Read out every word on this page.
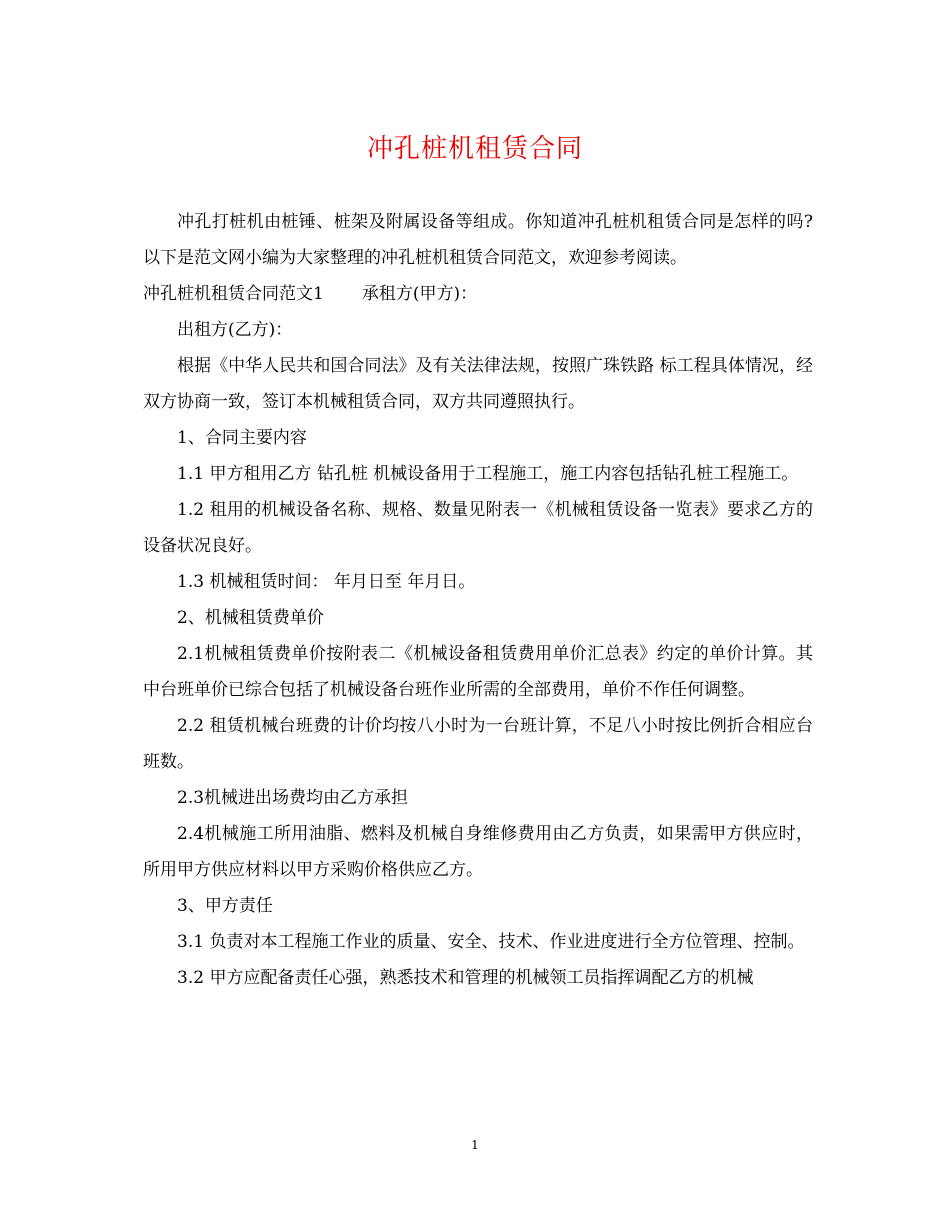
冲孔桩机租赁合同

冲孔打桩机由桩锤、桩架及附属设备等组成。你知道冲孔桩机租赁合同是怎样的吗?以下是范文网小编为大家整理的冲孔桩机租赁合同范文，欢迎参考阅读。

冲孔桩机租赁合同范文1 承租方(甲方)：

出租方(乙方)：

根据《中华人民共和国合同法》及有关法律法规，按照广珠铁路 标工程具体情况，经双方协商一致，签订本机械租赁合同，双方共同遵照执行。

1、合同主要内容

1.1 甲方租用乙方 钻孔桩 机械设备用于工程施工，施工内容包括钻孔桩工程施工。

1.2 租用的机械设备名称、规格、数量见附表一《机械租赁设备一览表》要求乙方的设备状况良好。

1.3 机械租赁时间： 年月日至 年月日。

2、机械租赁费单价

2.1机械租赁费单价按附表二《机械设备租赁费用单价汇总表》约定的单价计算。其中台班单价已综合包括了机械设备台班作业所需的全部费用，单价不作任何调整。

2.2 租赁机械台班费的计价均按八小时为一台班计算，不足八小时按比例折合相应台班数。

2.3机械进出场费均由乙方承担

2.4机械施工所用油脂、燃料及机械自身维修费用由乙方负责，如果需甲方供应时，所用甲方供应材料以甲方采购价格供应乙方。

3、甲方责任

3.1 负责对本工程施工作业的质量、安全、技术、作业进度进行全方位管理、控制。

3.2 甲方应配备责任心强，熟悉技术和管理的机械领工员指挥调配乙方的机械

1
